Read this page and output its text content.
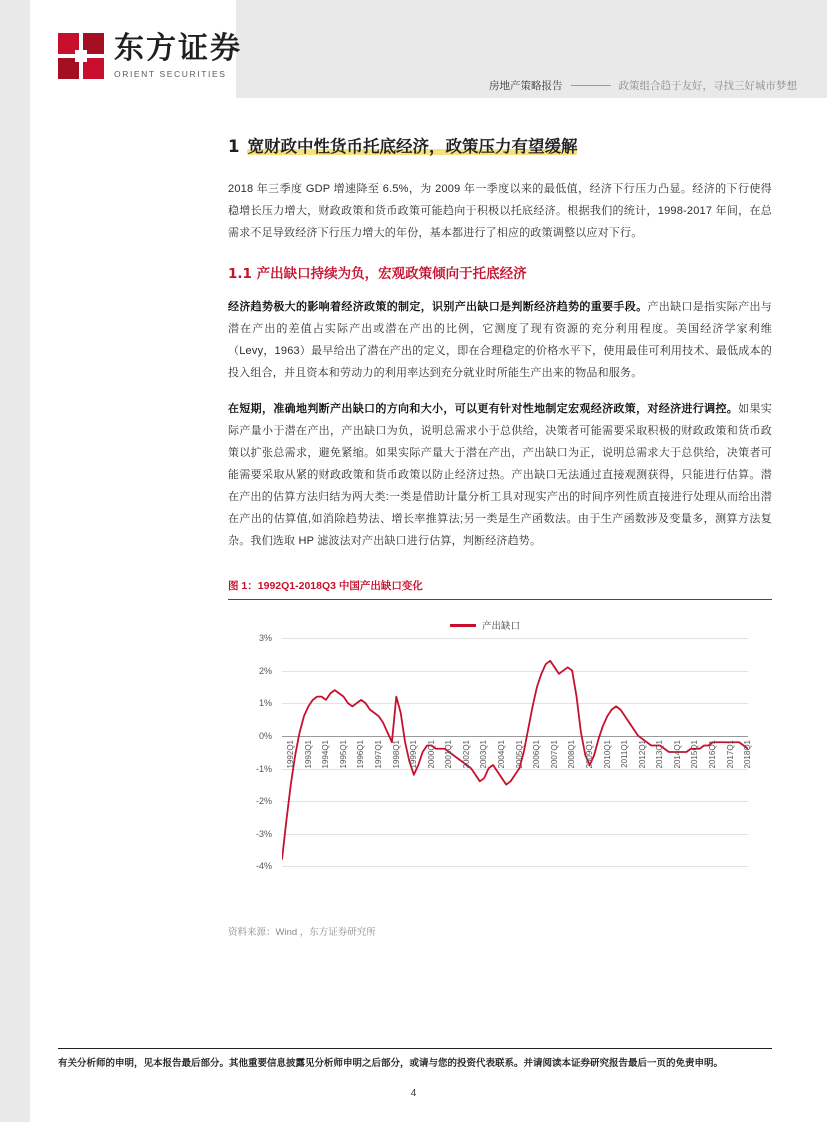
东方证券
ORIENT SECURITIES
房地产策略报告	政策组合趋于友好，寻找三好城市梦想
1 宽财政中性货币托底经济，政策压力有望缓解

2018 年三季度 GDP 增速降至 6.5%，为 2009 年一季度以来的最低值，经济下行压力凸显。经济的下行使得稳增长压力增大，财政政策和货币政策可能趋向于积极以托底经济。根据我们的统计，1998-2017 年间，在总需求不足导致经济下行压力增大的年份，基本都进行了相应的政策调整以应对下行。

1.1 产出缺口持续为负，宏观政策倾向于托底经济

经济趋势极大的影响着经济政策的制定，识别产出缺口是判断经济趋势的重要手段。产出缺口是指实际产出与潜在产出的差值占实际产出或潜在产出的比例，它测度了现有资源的充分利用程度。美国经济学家利维（Levy，1963）最早给出了潜在产出的定义，即在合理稳定的价格水平下，使用最佳可利用技术、最低成本的投入组合，并且资本和劳动力的利用率达到充分就业时所能生产出来的物品和服务。

在短期，准确地判断产出缺口的方向和大小，可以更有针对性地制定宏观经济政策，对经济进行调控。如果实际产量小于潜在产出，产出缺口为负，说明总需求小于总供给，决策者可能需要采取积极的财政政策和货币政策以扩张总需求，避免紧缩。如果实际产量大于潜在产出，产出缺口为正，说明总需求大于总供给，决策者可能需要采取从紧的财政政策和货币政策以防止经济过热。产出缺口无法通过直接观测获得，只能进行估算。潜在产出的估算方法归结为两大类:一类是借助计量分析工具对现实产出的时间序列性质直接进行处理从而给出潜在产出的估算值,如消除趋势法、增长率推算法;另一类是生产函数法。由于生产函数涉及变量多，测算方法复杂。我们选取 HP 滤波法对产出缺口进行估算，判断经济趋势。

图 1：1992Q1-2018Q3 中国产出缺口变化
产出缺口
3%
2%
1%
0%
-1%
-2%
-3%
-4%
1992Q1 1993Q1 1994Q1 1995Q1 1996Q1 1997Q1 1998Q1 1999Q1 2000Q1 2001Q1 2002Q1 2003Q1 2004Q1 2005Q1 2006Q1 2007Q1 2008Q1 2009Q1 2010Q1 2011Q1 2012Q1 2013Q1 2014Q1 2015Q1 2016Q1 2017Q1 2018Q1
资料来源：Wind ，东方证券研究所
有关分析师的申明，见本报告最后部分。其他重要信息披露见分析师申明之后部分，或请与您的投资代表联系。并请阅读本证券研究报告最后一页的免责申明。
4
